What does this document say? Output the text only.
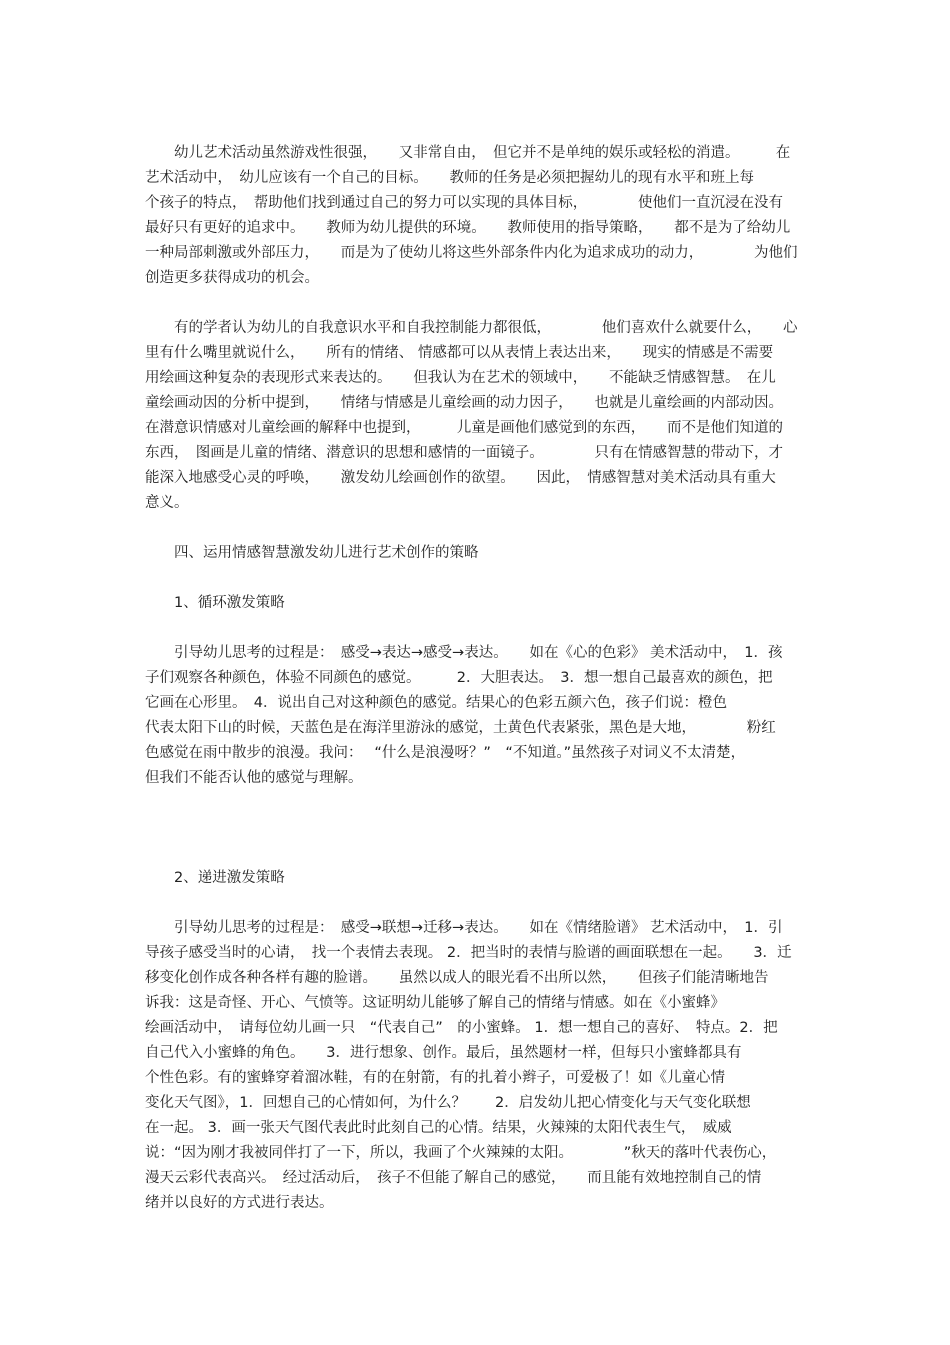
　　幼儿艺术活动虽然游戏性很强，　　又非常自由，　但它并不是单纯的娱乐或轻松的消遣。　　　在
艺术活动中，　幼儿应该有一个自己的目标。　　教师的任务是必须把握幼儿的现有水平和班上每
个孩子的特点，　帮助他们找到通过自己的努力可以实现的具体目标，　　　　使他们一直沉浸在没有
最好只有更好的追求中。　　教师为幼儿提供的环境。　　教师使用的指导策略，　　都不是为了给幼儿
一种局部刺激或外部压力，　　而是为了使幼儿将这些外部条件内化为追求成功的动力，　　　　为他们
创造更多获得成功的机会。
　　有的学者认为幼儿的自我意识水平和自我控制能力都很低，　　　　他们喜欢什么就要什么，　　心
里有什么嘴里就说什么，　　所有的情绪、 情感都可以从表情上表达出来，　　现实的情感是不需要
用绘画这种复杂的表现形式来表达的。　　但我认为在艺术的领域中，　　不能缺乏情感智慧。　在儿
童绘画动因的分析中提到，　　情绪与情感是儿童绘画的动力因子，　　也就是儿童绘画的内部动因。
在潜意识情感对儿童绘画的解释中也提到，　　　儿童是画他们感觉到的东西，　　而不是他们知道的
东西，　图画是儿童的情绪、潜意识的思想和感情的一面镜子。　　　　只有在情感智慧的带动下，才
能深入地感受心灵的呼唤，　　激发幼儿绘画创作的欲望。　　因此，　情感智慧对美术活动具有重大
意义。
　　四、运用情感智慧激发幼儿进行艺术创作的策略
　　1、循环激发策略
　　引导幼儿思考的过程是：　感受→表达→感受→表达。　　如在《心的色彩》 美术活动中，　1．孩
子们观察各种颜色，体验不同颜色的感觉。　　　2．大胆表达。　3．想一想自己最喜欢的颜色，把
它画在心形里。　4．说出自己对这种颜色的感觉。结果心的色彩五颜六色，孩子们说：橙色
代表太阳下山的时候，天蓝色是在海洋里游泳的感觉，土黄色代表紧张，黑色是大地，　　　　粉红
色感觉在雨中散步的浪漫。我问：　 “什么是浪漫呀？”　“不知道。”虽然孩子对词义不太清楚，
但我们不能否认他的感觉与理解。
　　2、递进激发策略
　　引导幼儿思考的过程是：　感受→联想→迁移→表达。　　如在《情绪脸谱》 艺术活动中，　1．引
导孩子感受当时的心请，　找一个表情去表现。 2．把当时的表情与脸谱的画面联想在一起。　　3．迁
移变化创作成各种各样有趣的脸谱。　　虽然以成人的眼光看不出所以然，　　但孩子们能清晰地告
诉我：这是奇怪、开心、气愤等。这证明幼儿能够了解自己的情绪与情感。如在《小蜜蜂》
绘画活动中，　请每位幼儿画一只　“代表自己”　的小蜜蜂。 1．想一想自己的喜好、　特点。2．把
自己代入小蜜蜂的角色。　　3．进行想象、创作。最后，虽然题材一样，但每只小蜜蜂都具有
个性色彩。有的蜜蜂穿着溜冰鞋，有的在射箭，有的扎着小辫子，可爱极了！如《儿童心情
变化天气图》，1．回想自己的心情如何，为什么？　　2．启发幼儿把心情变化与天气变化联想
在一起。 3．画一张天气图代表此时此刻自己的心情。结果，火辣辣的太阳代表生气，　威威
说：“因为刚才我被同伴打了一下，所以，我画了个火辣辣的太阳。　　　　”秋天的落叶代表伤心，
漫天云彩代表高兴。　经过活动后，　孩子不但能了解自己的感觉，　　而且能有效地控制自己的情
绪并以良好的方式进行表达。
